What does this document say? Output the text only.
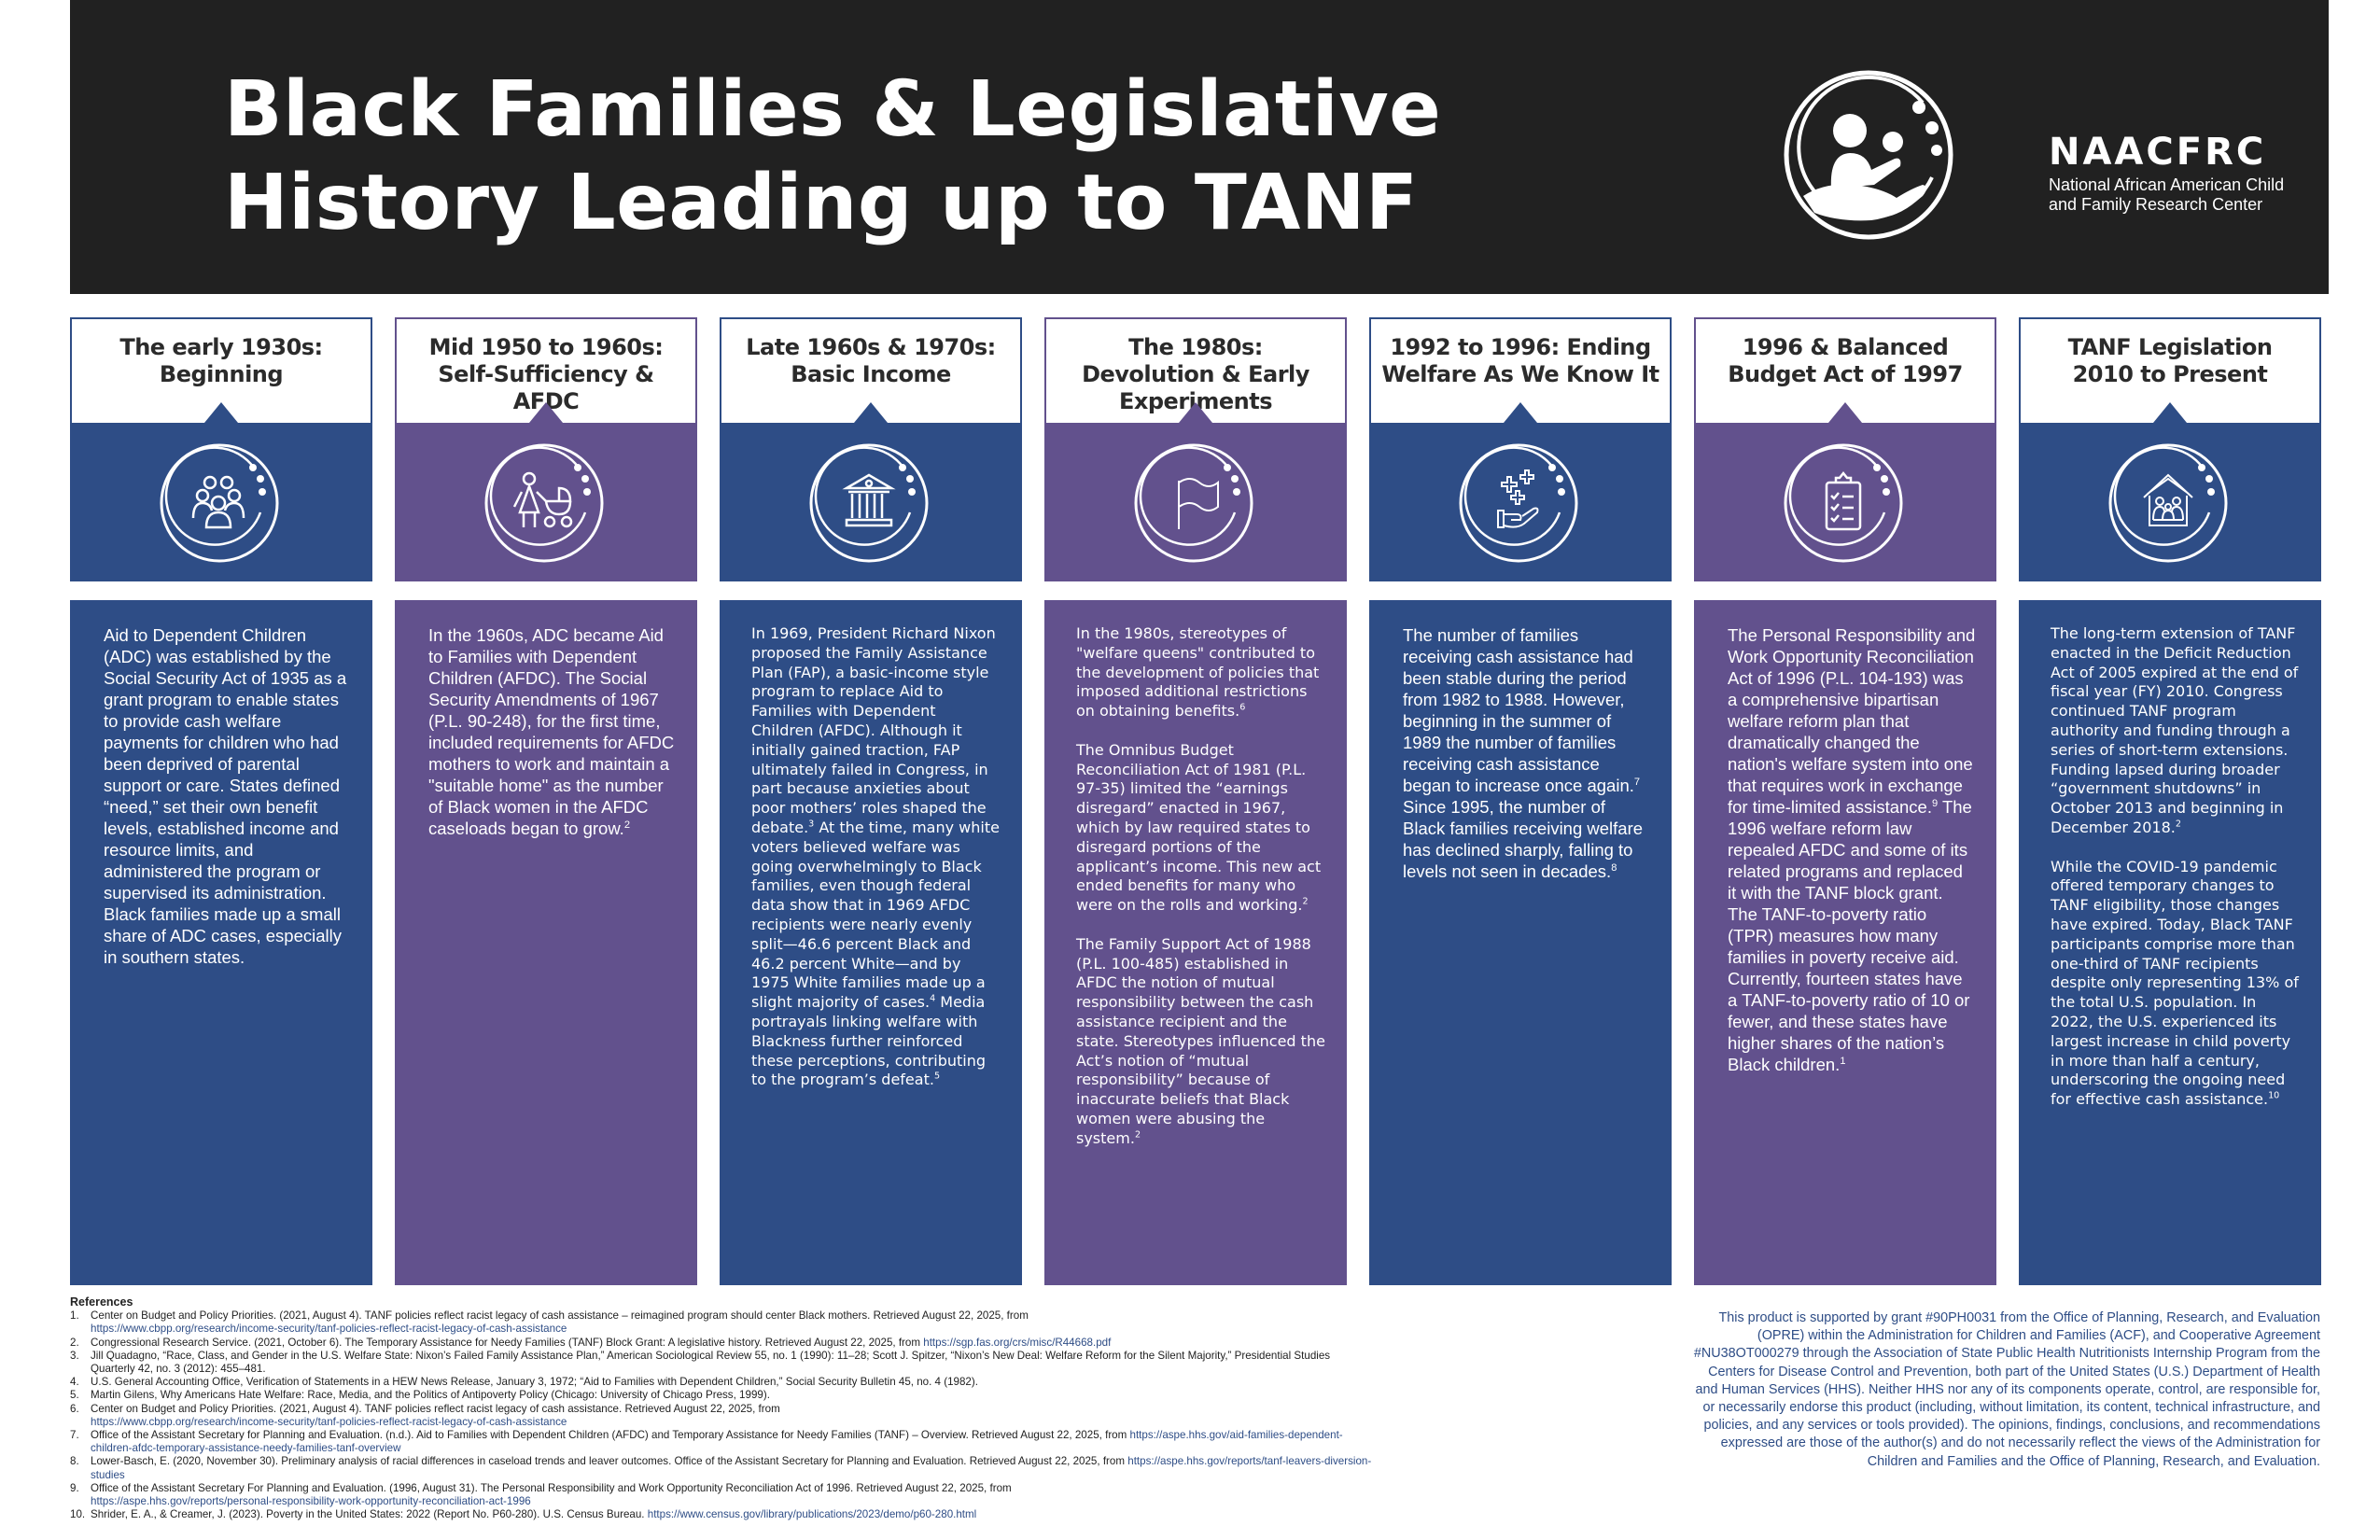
Black Families & Legislative
History Leading up to TANF
NAACFRC
National African American Child and Family Research Center
The early 1930s: Beginning

Aid to Dependent Children (ADC) was established by the Social Security Act of 1935 as a grant program to enable states to provide cash welfare payments for children who had been deprived of parental support or care. States defined “need,” set their own benefit levels, established income and resource limits, and administered the program or supervised its administration. Black families made up a small share of ADC cases, especially in southern states.

Mid 1950 to 1960s: Self-Sufficiency & AFDC

In the 1960s, ADC became Aid to Families with Dependent Children (AFDC). The Social Security Amendments of 1967 (P.L. 90-248), for the first time, included requirements for AFDC mothers to work and maintain a "suitable home" as the number of Black women in the AFDC caseloads began to grow.$^2$

Late 1960s & 1970s: Basic Income

In 1969, President Richard Nixon proposed the Family Assistance Plan (FAP), a basic-income style program to replace Aid to Families with Dependent Children (AFDC). Although it initially gained traction, FAP ultimately failed in Congress, in part because anxieties about poor mothers’ roles shaped the debate.$^3$ At the time, many white voters believed welfare was going overwhelmingly to Black families, even though federal data show that in 1969 AFDC recipients were nearly evenly split—46.6 percent Black and 46.2 percent White—and by 1975 White families made up a slight majority of cases.$^4$ Media portrayals linking welfare with Blackness further reinforced these perceptions, contributing to the program’s defeat.$^5$

The 1980s: Devolution & Early Experiments

In the 1980s, stereotypes of "welfare queens" contributed to the development of policies that imposed additional restrictions on obtaining benefits.$^6$

The Omnibus Budget Reconciliation Act of 1981 (P.L. 97-35) limited the “earnings disregard” enacted in 1967, which by law required states to disregard portions of the applicant’s income. This new act ended benefits for many who were on the rolls and working.$^2$

The Family Support Act of 1988 (P.L. 100-485) established in AFDC the notion of mutual responsibility between the cash assistance recipient and the state. Stereotypes influenced the Act’s notion of “mutual responsibility” because of inaccurate beliefs that Black women were abusing the system.$^2$

1992 to 1996: Ending Welfare As We Know It

The number of families receiving cash assistance had been stable during the period from 1982 to 1988. However, beginning in the summer of 1989 the number of families receiving cash assistance began to increase once again.$^7$ Since 1995, the number of Black families receiving welfare has declined sharply, falling to levels not seen in decades.$^8$

1996 & Balanced Budget Act of 1997

The Personal Responsibility and Work Opportunity Reconciliation Act of 1996 (P.L. 104-193) was a comprehensive bipartisan welfare reform plan that dramatically changed the nation's welfare system into one that requires work in exchange for time-limited assistance.$^9$ The 1996 welfare reform law repealed AFDC and some of its related programs and replaced it with the TANF block grant. The TANF-to-poverty ratio (TPR) measures how many families in poverty receive aid. Currently, fourteen states have a TANF-to-poverty ratio of 10 or fewer, and these states have higher shares of the nation’s Black children.$^1$

TANF Legislation 2010 to Present

The long-term extension of TANF enacted in the Deficit Reduction Act of 2005 expired at the end of fiscal year (FY) 2010. Congress continued TANF program authority and funding through a series of short-term extensions. Funding lapsed during broader “government shutdowns” in October 2013 and beginning in December 2018.$^2$

While the COVID-19 pandemic offered temporary changes to TANF eligibility, those changes have expired. Today, Black TANF participants comprise more than one-third of TANF recipients despite only representing 13% of the total U.S. population. In 2022, the U.S. experienced its largest increase in child poverty in more than half a century, underscoring the ongoing need for effective cash assistance.$^{10}$

References
1. Center on Budget and Policy Priorities. (2021, August 4). TANF policies reflect racist legacy of cash assistance – reimagined program should center Black mothers. Retrieved August 22, 2025, from
https://www.cbpp.org/research/income-security/tanf-policies-reflect-racist-legacy-of-cash-assistance
2. Congressional Research Service. (2021, October 6). The Temporary Assistance for Needy Families (TANF) Block Grant: A legislative history. Retrieved August 22, 2025, from https://sgp.fas.org/crs/misc/R44668.pdf
3. Jill Quadagno, “Race, Class, and Gender in the U.S. Welfare State: Nixon’s Failed Family Assistance Plan,” American Sociological Review 55, no. 1 (1990): 11–28; Scott J. Spitzer, “Nixon’s New Deal: Welfare Reform for the Silent Majority,” Presidential Studies Quarterly 42, no. 3 (2012): 455–481.
4. U.S. General Accounting Office, Verification of Statements in a HEW News Release, January 3, 1972; “Aid to Families with Dependent Children,” Social Security Bulletin 45, no. 4 (1982).
5. Martin Gilens, Why Americans Hate Welfare: Race, Media, and the Politics of Antipoverty Policy (Chicago: University of Chicago Press, 1999).
6. Center on Budget and Policy Priorities. (2021, August 4). TANF policies reflect racist legacy of cash assistance. Retrieved August 22, 2025, from
https://www.cbpp.org/research/income-security/tanf-policies-reflect-racist-legacy-of-cash-assistance
7. Office of the Assistant Secretary for Planning and Evaluation. (n.d.). Aid to Families with Dependent Children (AFDC) and Temporary Assistance for Needy Families (TANF) – Overview. Retrieved August 22, 2025, from https://aspe.hhs.gov/aid-families-dependent-children-afdc-temporary-assistance-needy-families-tanf-overview
8. Lower-Basch, E. (2020, November 30). Preliminary analysis of racial differences in caseload trends and leaver outcomes. Office of the Assistant Secretary for Planning and Evaluation. Retrieved August 22, 2025, from https://aspe.hhs.gov/reports/tanf-leavers-diversion-studies
9. Office of the Assistant Secretary For Planning and Evaluation. (1996, August 31). The Personal Responsibility and Work Opportunity Reconciliation Act of 1996. Retrieved August 22, 2025, from
https://aspe.hhs.gov/reports/personal-responsibility-work-opportunity-reconciliation-act-1996
10. Shrider, E. A., & Creamer, J. (2023). Poverty in the United States: 2022 (Report No. P60-280). U.S. Census Bureau. https://www.census.gov/library/publications/2023/demo/p60-280.html
This product is supported by grant #90PH0031 from the Office of Planning, Research, and Evaluation (OPRE) within the Administration for Children and Families (ACF), and Cooperative Agreement #NU38OT000279 through the Association of State Public Health Nutritionists Internship Program from the Centers for Disease Control and Prevention, both part of the United States (U.S.) Department of Health and Human Services (HHS). Neither HHS nor any of its components operate, control, are responsible for, or necessarily endorse this product (including, without limitation, its content, technical infrastructure, and policies, and any services or tools provided). The opinions, findings, conclusions, and recommendations expressed are those of the author(s) and do not necessarily reflect the views of the Administration for Children and Families and the Office of Planning, Research, and Evaluation.
